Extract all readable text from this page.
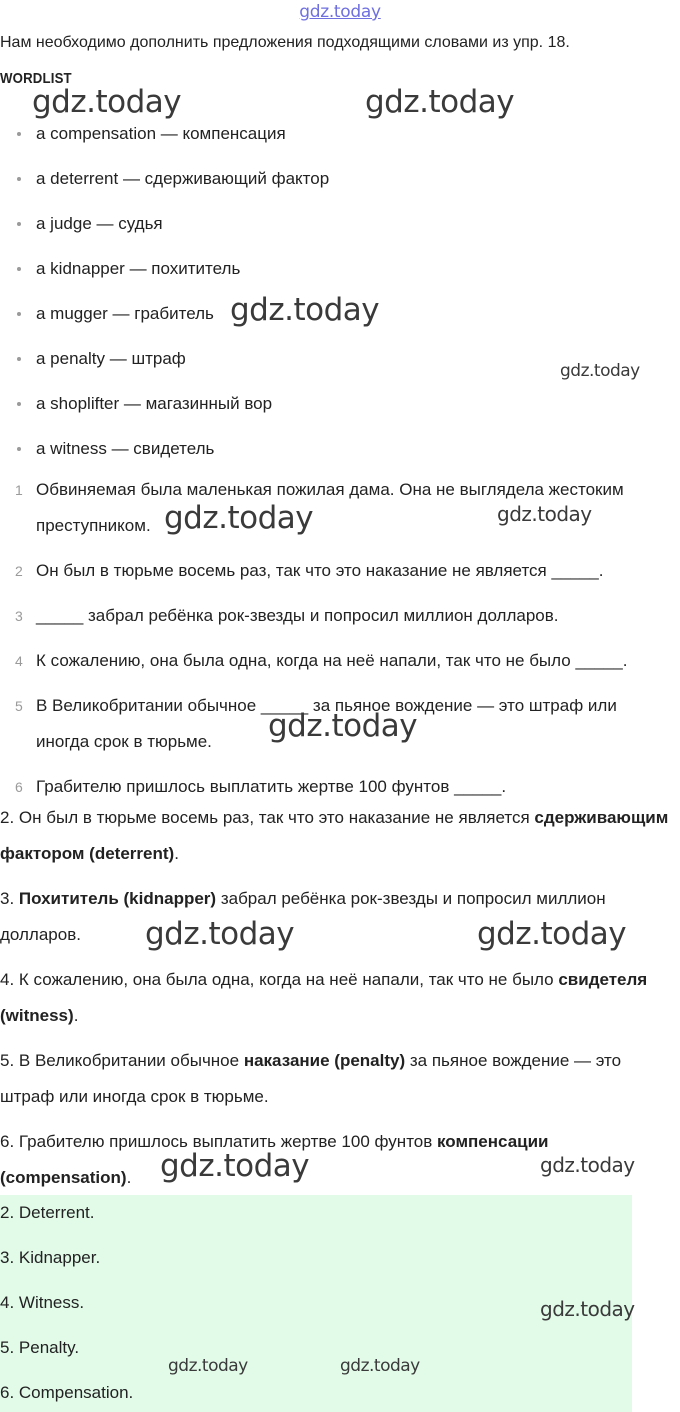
gdz.today
Нам необходимо дополнить предложения подходящими словами из упр. 18.
WORDLIST
a compensation — компенсация
a deterrent — сдерживающий фактор
a judge — судья
a kidnapper — похититель
a mugger — грабитель
a penalty — штраф
a shoplifter — магазинный вор
a witness — свидетель
1 Обвиняемая была маленькая пожилая дама. Она не выглядела жестоким преступником.
2 Он был в тюрьме восемь раз, так что это наказание не является _____.
3 _____ забрал ребёнка рок-звезды и попросил миллион долларов.
4 К сожалению, она была одна, когда на неё напали, так что не было _____.
5 В Великобритании обычное _____ за пьяное вождение — это штраф или иногда срок в тюрьме.
6 Грабителю пришлось выплатить жертве 100 фунтов _____.

2. Он был в тюрьме восемь раз, так что это наказание не является сдерживающим фактором (deterrent).

3. Похититель (kidnapper) забрал ребёнка рок-звезды и попросил миллион долларов.

4. К сожалению, она была одна, когда на неё напали, так что не было свидетеля (witness).

5. В Великобритании обычное наказание (penalty) за пьяное вождение — это штраф или иногда срок в тюрьме.

6. Грабителю пришлось выплатить жертве 100 фунтов компенсации (compensation).

2. Deterrent.

3. Kidnapper.

4. Witness.

5. Penalty.

6. Compensation.

gdz.today	gdz.today
gdz.today
gdz.today
gdz.today	gdz.today
gdz.today
gdz.today	gdz.today
gdz.today	gdz.today
gdz.today
gdz.today	gdz.today
